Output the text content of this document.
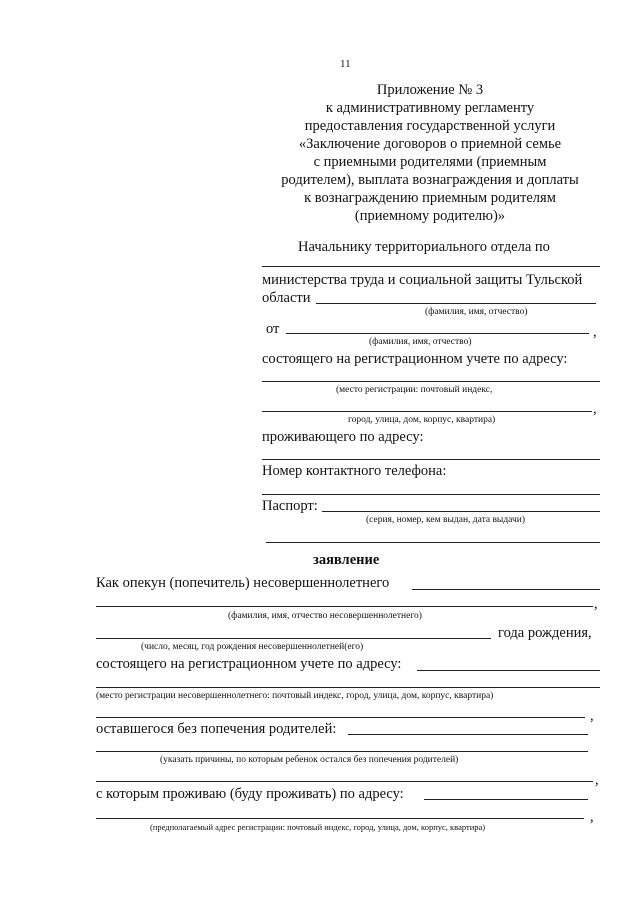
11
Приложение № 3
к административному регламенту
предоставления государственной услуги
«Заключение договоров о приемной семье
с приемными родителями (приемным
родителем), выплата вознаграждения и доплаты
к вознаграждению приемным родителям
(приемному родителю)»
Начальнику территориального отдела по
министерства труда и социальной защиты Тульской
области
(фамилия, имя, отчество)
от	,
(фамилия, имя, отчество)
состоящего на регистрационном учете по адресу:
(место регистрации: почтовый индекс,
,
город, улица, дом, корпус, квартира)
проживающего по адресу:
Номер контактного телефона:
Паспорт:
(серия, номер, кем выдан, дата выдачи)
заявление
Как опекун (попечитель) несовершеннолетнего
,
(фамилия, имя, отчество несовершеннолетнего)
года рождения,
(число, месяц, год рождения несовершеннолетней(его)
состоящего на регистрационном учете по адресу:
(место регистрации несовершеннолетнего: почтовый индекс, город, улица, дом, корпус, квартира)
,
оставшегося без попечения родителей:
(указать причины, по которым ребенок остался без попечения родителей)
,
с которым проживаю (буду проживать) по адресу:
,
(предполагаемый адрес регистрации: почтовый индекс, город, улица, дом, корпус, квартира)
